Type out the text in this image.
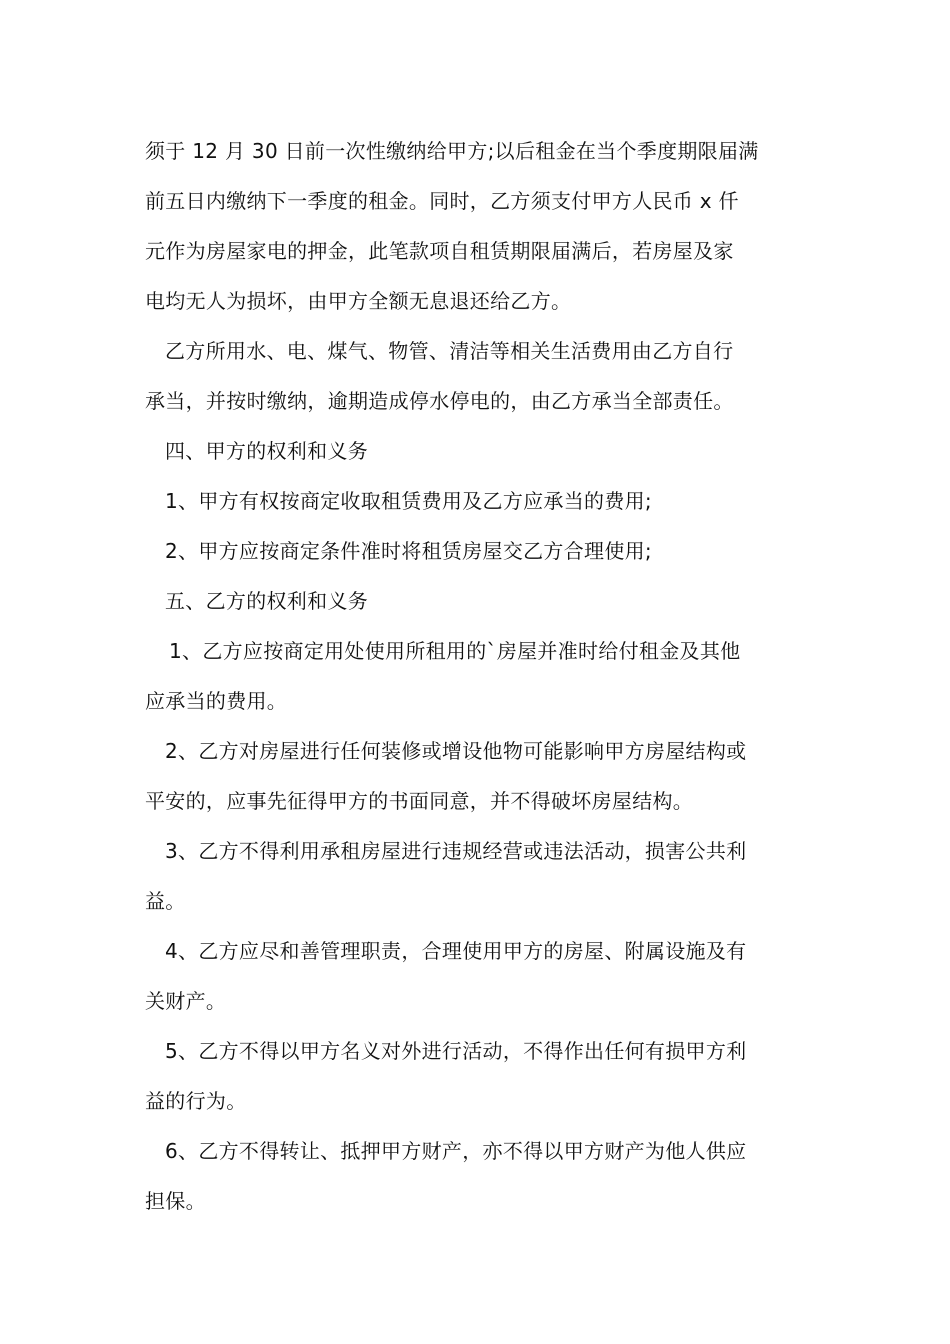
须于 12 月 30 日前一次性缴纳给甲方;以后租金在当个季度期限届满
前五日内缴纳下一季度的租金。同时，乙方须支付甲方人民币 x 仟
元作为房屋家电的押金，此笔款项自租赁期限届满后，若房屋及家
电均无人为损坏，由甲方全额无息退还给乙方。
乙方所用水、电、煤气、物管、清洁等相关生活费用由乙方自行
承当，并按时缴纳，逾期造成停水停电的，由乙方承当全部责任。
四、甲方的权利和义务
1、甲方有权按商定收取租赁费用及乙方应承当的费用;
2、甲方应按商定条件准时将租赁房屋交乙方合理使用;
五、乙方的权利和义务
1、乙方应按商定用处使用所租用的`房屋并准时给付租金及其他
应承当的费用。
2、乙方对房屋进行任何装修或增设他物可能影响甲方房屋结构或
平安的，应事先征得甲方的书面同意，并不得破坏房屋结构。
3、乙方不得利用承租房屋进行违规经营或违法活动，损害公共利
益。
4、乙方应尽和善管理职责，合理使用甲方的房屋、附属设施及有
关财产。
5、乙方不得以甲方名义对外进行活动，不得作出任何有损甲方利
益的行为。
6、乙方不得转让、抵押甲方财产，亦不得以甲方财产为他人供应
担保。
